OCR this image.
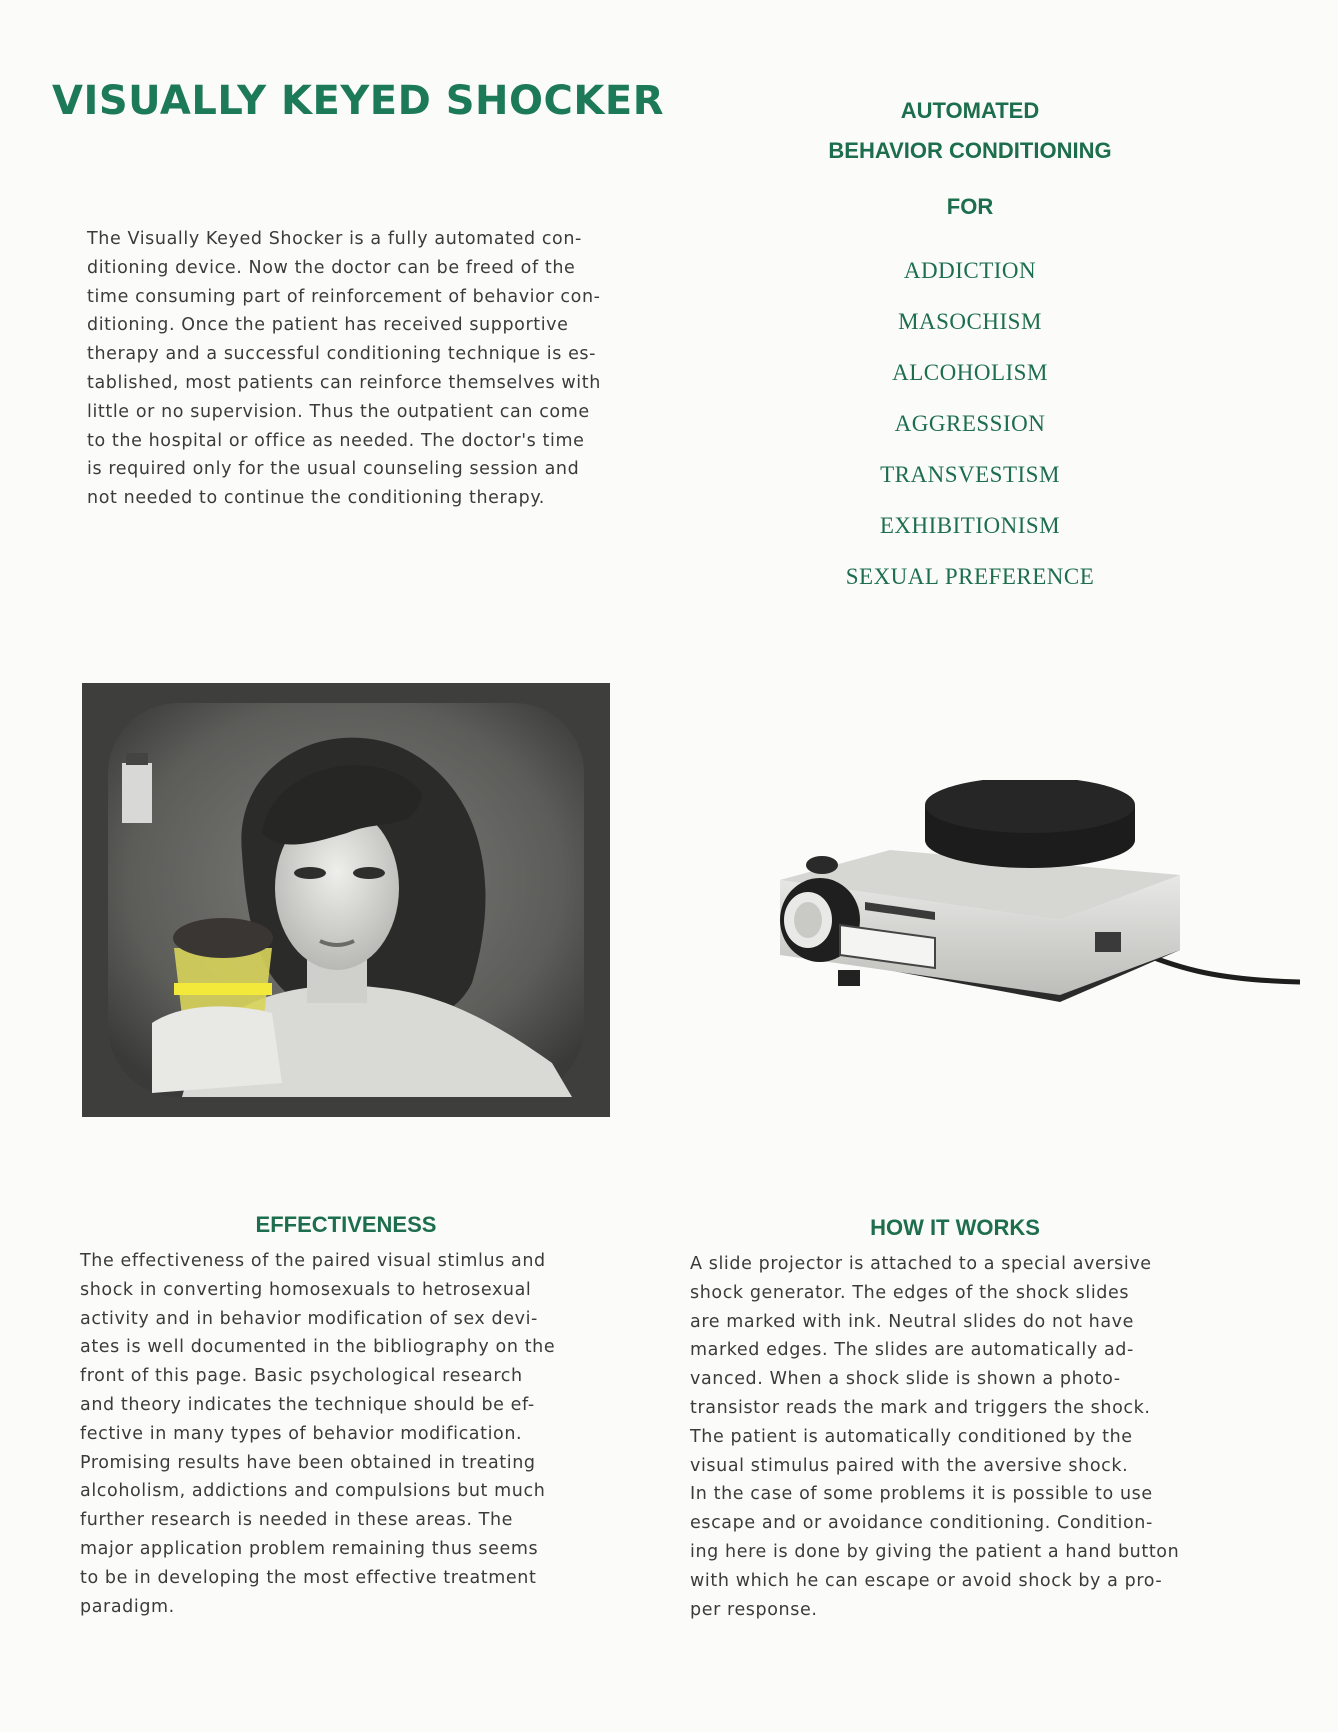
VISUALLY KEYED SHOCKER	AUTOMATED
BEHAVIOR CONDITIONING
FOR
ADDICTION
MASOCHISM
ALCOHOLISM
AGGRESSION
TRANSVESTISM
EXHIBITIONISM
SEXUAL PREFERENCE
The Visually Keyed Shocker is a fully automated con-
ditioning device. Now the doctor can be freed of the
time consuming part of reinforcement of behavior con-
ditioning. Once the patient has received supportive
therapy and a successful conditioning technique is es-
tablished, most patients can reinforce themselves with
little or no supervision. Thus the outpatient can come
to the hospital or office as needed. The doctor's time
is required only for the usual counseling session and
not needed to continue the conditioning therapy.
EFFECTIVENESS
The effectiveness of the paired visual stimlus and
shock in converting homosexuals to hetrosexual
activity and in behavior modification of sex devi-
ates is well documented in the bibliography on the
front of this page. Basic psychological research
and theory indicates the technique should be ef-
fective in many types of behavior modification.
Promising results have been obtained in treating
alcoholism, addictions and compulsions but much
further research is needed in these areas. The
major application problem remaining thus seems
to be in developing the most effective treatment
paradigm.
HOW IT WORKS
A slide projector is attached to a special aversive
shock generator. The edges of the shock slides
are marked with ink. Neutral slides do not have
marked edges. The slides are automatically ad-
vanced. When a shock slide is shown a photo-
transistor reads the mark and triggers the shock.
The patient is automatically conditioned by the
visual stimulus paired with the aversive shock.
In the case of some problems it is possible to use
escape and or avoidance conditioning. Condition-
ing here is done by giving the patient a hand button
with which he can escape or avoid shock by a pro-
per response.
